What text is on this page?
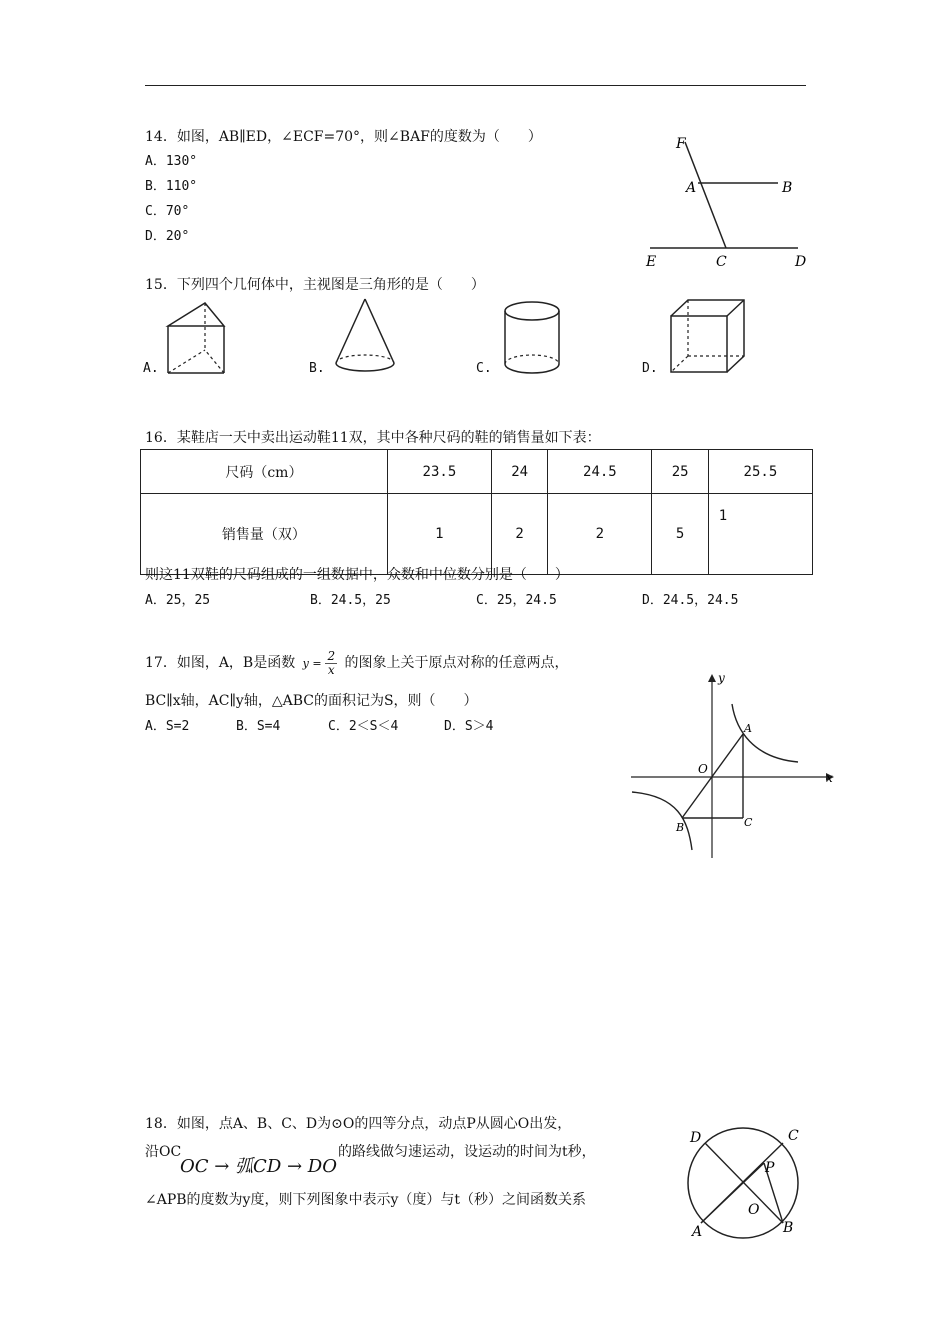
14．如图，AB∥ED，∠ECF=70°，则∠BAF的度数为（　　）
A．130°
B．110°
C．70°
D．20°
F
A	B
E	C	D
15．下列四个几何体中，主视图是三角形的是（　　）
A.	B.	C.	D.
16．某鞋店一天中卖出运动鞋11双，其中各种尺码的鞋的销售量如下表：
尺码（cm）	23.5	24	24.5	25	25.5
销售量（双）	1	2	2	5	1
则这11双鞋的尺码组成的一组数据中，众数和中位数分别是（　　）
A．25，25	B．24.5，25	C．25，24.5	D．24.5，24.5
17．如图，A，B是函数 $y = \frac{2}{x}$ 的图象上关于原点对称的任意两点，
BC∥x轴，AC∥y轴，△ABC的面积记为S，则（　　）
A．S=2	B．S=4	C．2＜S＜4	D．S＞4
y
x
O
A
B	C
18．如图，点A、B、C、D为⊙O的四等分点，动点P从圆心O出发，
沿OC
OC → 弧CD → DO
的路线做匀速运动，设运动的时间为t秒，
∠APB的度数为y度，则下列图象中表示y（度）与t（秒）之间函数关系
D	C
P
O
A	B
